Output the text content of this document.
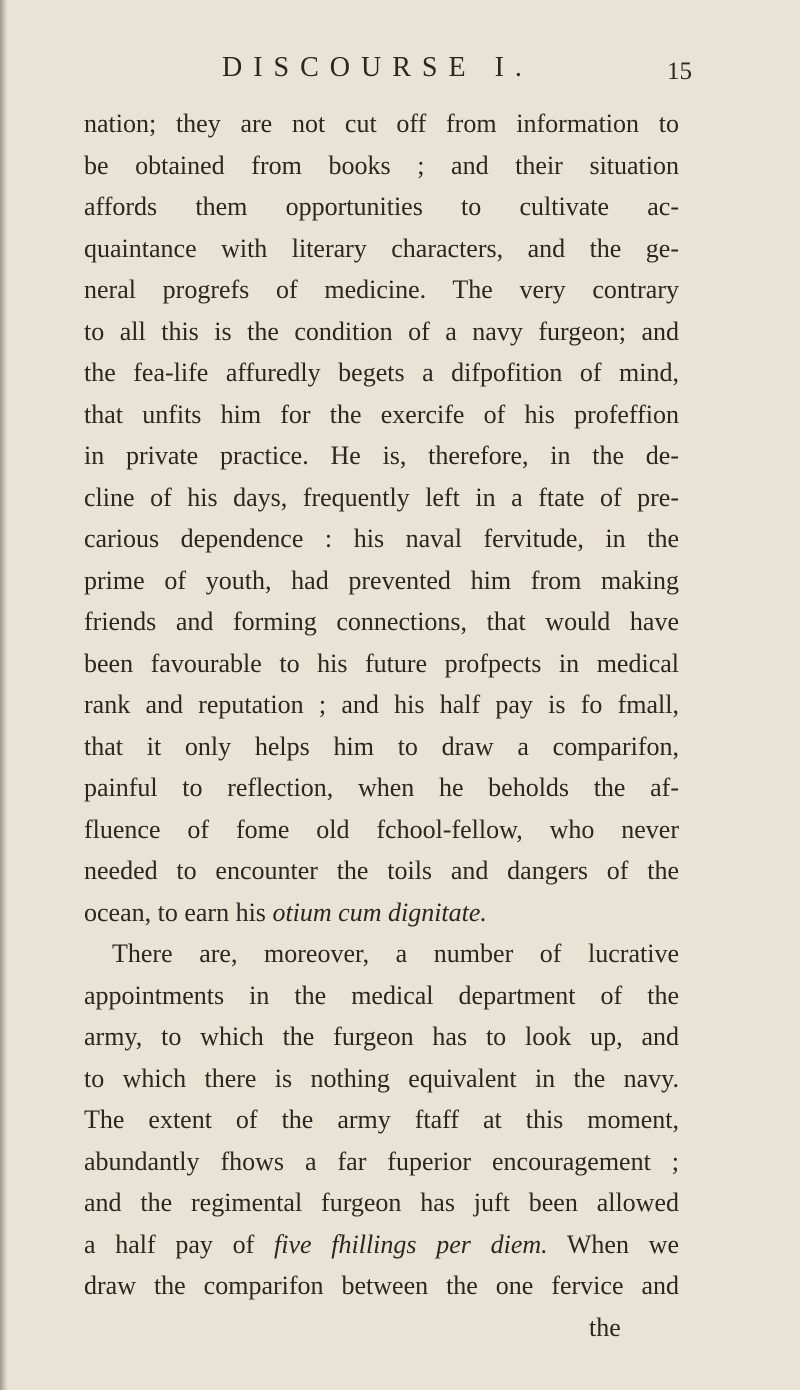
DISCOURSE I.	15
nation; they are not cut off from information to
be obtained from books ; and their situation
affords them opportunities to cultivate ac-
quaintance with literary characters, and the ge-
neral progrefs of medicine. The very contrary
to all this is the condition of a navy furgeon; and
the fea-life affuredly begets a difpofition of mind,
that unfits him for the exercife of his profeffion
in private practice. He is, therefore, in the de-
cline of his days, frequently left in a ftate of pre-
carious dependence : his naval fervitude, in the
prime of youth, had prevented him from making
friends and forming connections, that would have
been favourable to his future profpects in medical
rank and reputation ; and his half pay is fo fmall,
that it only helps him to draw a comparifon,
painful to reflection, when he beholds the af-
fluence of fome old fchool-fellow, who never
needed to encounter the toils and dangers of the
ocean, to earn his otium cum dignitate.
There are, moreover, a number of lucrative
appointments in the medical department of the
army, to which the furgeon has to look up, and
to which there is nothing equivalent in the navy.
The extent of the army ftaff at this moment,
abundantly fhows a far fuperior encouragement ;
and the regimental furgeon has juft been allowed
a half pay of five fhillings per diem. When we
draw the comparifon between the one fervice and
the
